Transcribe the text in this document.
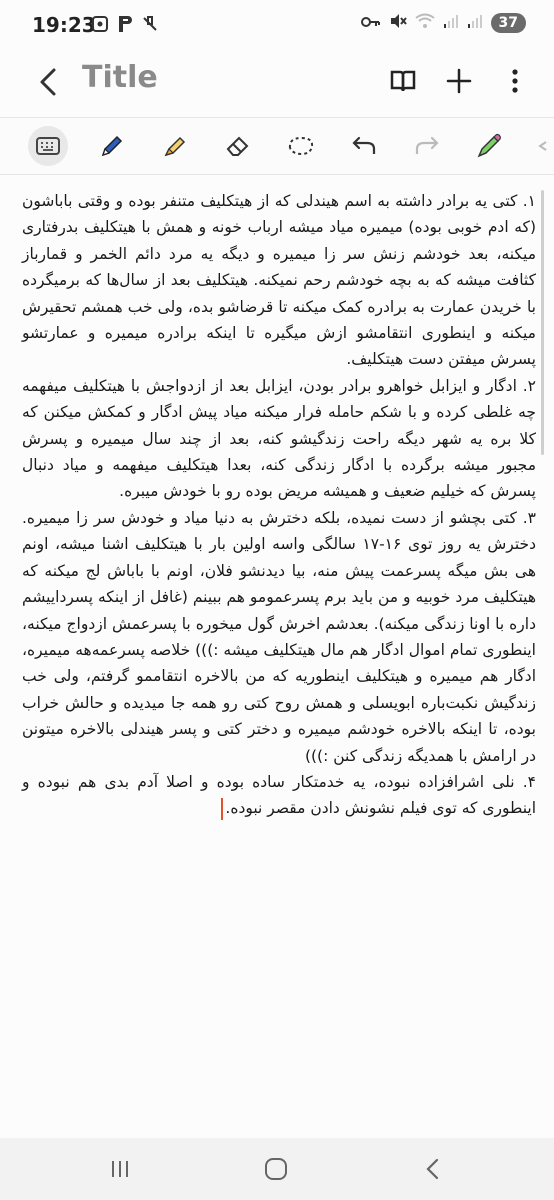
19:23	37
Title

۱. کتی یه برادر داشته به اسم هیندلی که از هیتکلیف متنفر بوده و وقتی باباشون (که ادم خوبی بوده) میمیره میاد میشه ارباب خونه و همش با هیتکلیف بدرفتاری میکنه، بعد خودشم زنش سر زا میمیره و دیگه یه مرد دائم الخمر و قمارباز کثافت میشه که به بچه خودشم رحم نمیکنه. هیتکلیف بعد از سال‌ها که برمیگرده با خریدن عمارت به برادره کمک میکنه تا قرضاشو بده، ولی خب همشم تحقیرش میکنه و اینطوری انتقامشو ازش میگیره تا اینکه برادره میمیره و عمارتشو پسرش میفتن دست هیتکلیف.

۲. ادگار و ایزابل خواهرو برادر بودن، ایزابل بعد از ازدواجش با هیتکلیف میفهمه چه غلطی کرده و با شکم حامله فرار میکنه میاد پیش ادگار و کمکش میکنن که کلا بره یه شهر دیگه راحت زندگیشو کنه، بعد از چند سال میمیره و پسرش مجبور میشه برگرده با ادگار زندگی کنه، بعدا هیتکلیف میفهمه و میاد دنبال پسرش که خیلیم ضعیف و همیشه مریض بوده رو با خودش میبره.

۳. کتی بچشو از دست نمیده، بلکه دخترش به دنیا میاد و خودش سر زا میمیره. دخترش یه روز توی ۱۶-۱۷ سالگی واسه اولین بار با هیتکلیف اشنا میشه، اونم هی بش میگه پسرعمت پیش منه، بیا دیدنشو فلان، اونم با باباش لج میکنه که هیتکلیف مرد خوبیه و من باید برم پسرعمومو هم ببینم (غافل از اینکه پسرداییشم داره با اونا زندگی میکنه). بعدشم اخرش گول میخوره با پسرعمش ازدواج میکنه، اینطوری تمام اموال ادگار هم مال هیتکلیف میشه :))) خلاصه پسرعمه‌هه میمیره، ادگار هم میمیره و هیتکلیف اینطوریه که من بالاخره انتقاممو گرفتم، ولی خب زندگیش نکبت‌باره ابویسلی و همش روح کتی رو همه جا میدیده و حالش خراب بوده، تا اینکه بالاخره خودشم میمیره و دختر کتی و پسر هیندلی بالاخره میتونن در ارامش با همدیگه زندگی کنن :)))

۴. نلی اشرافزاده نبوده، یه خدمتکار ساده بوده و اصلا آدم بدی هم نبوده و اینطوری که توی فیلم نشونش دادن مقصر نبوده.
